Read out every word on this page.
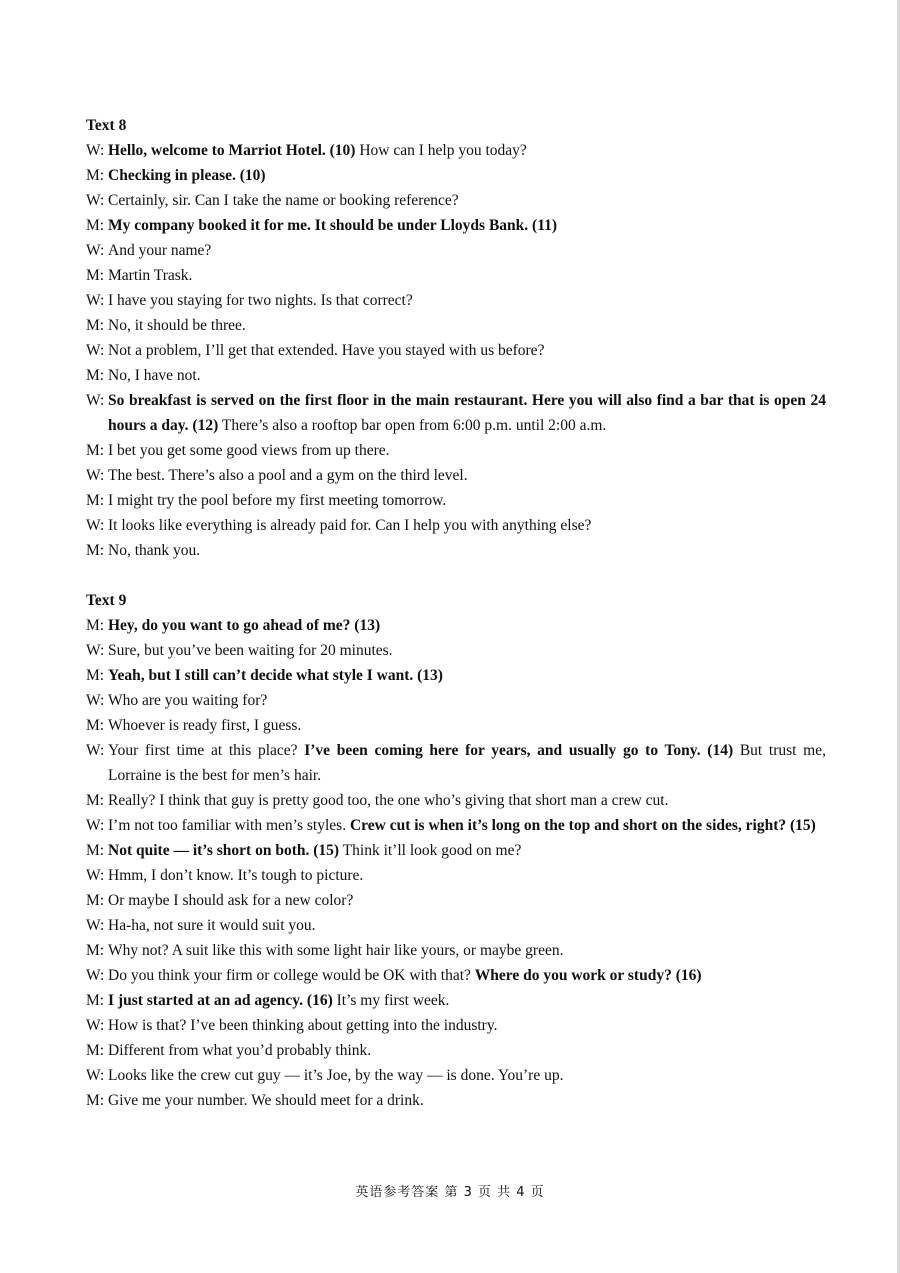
Text 8

W: Hello, welcome to Marriot Hotel. (10) How can I help you today?

M: Checking in please. (10)

W: Certainly, sir. Can I take the name or booking reference?

M: My company booked it for me. It should be under Lloyds Bank. (11)

W: And your name?

M: Martin Trask.

W: I have you staying for two nights. Is that correct?

M: No, it should be three.

W: Not a problem, I’ll get that extended. Have you stayed with us before?

M: No, I have not.

W: So breakfast is served on the first floor in the main restaurant. Here you will also find a bar that is open 24 hours a day. (12) There’s also a rooftop bar open from 6:00 p.m. until 2:00 a.m.

M: I bet you get some good views from up there.

W: The best. There’s also a pool and a gym on the third level.

M: I might try the pool before my first meeting tomorrow.

W: It looks like everything is already paid for. Can I help you with anything else?

M: No, thank you.

Text 9

M: Hey, do you want to go ahead of me? (13)

W: Sure, but you’ve been waiting for 20 minutes.

M: Yeah, but I still can’t decide what style I want. (13)

W: Who are you waiting for?

M: Whoever is ready first, I guess.

W: Your first time at this place? I’ve been coming here for years, and usually go to Tony. (14) But trust me, Lorraine is the best for men’s hair.

M: Really? I think that guy is pretty good too, the one who’s giving that short man a crew cut.

W: I’m not too familiar with men’s styles. Crew cut is when it’s long on the top and short on the sides, right? (15)

M: Not quite — it’s short on both. (15) Think it’ll look good on me?

W: Hmm, I don’t know. It’s tough to picture.

M: Or maybe I should ask for a new color?

W: Ha-ha, not sure it would suit you.

M: Why not? A suit like this with some light hair like yours, or maybe green.

W: Do you think your firm or college would be OK with that? Where do you work or study? (16)

M: I just started at an ad agency. (16) It’s my first week.

W: How is that? I’ve been thinking about getting into the industry.

M: Different from what you’d probably think.

W: Looks like the crew cut guy — it’s Joe, by the way — is done. You’re up.

M: Give me your number. We should meet for a drink.

英语参考答案 第 3 页 共 4 页
